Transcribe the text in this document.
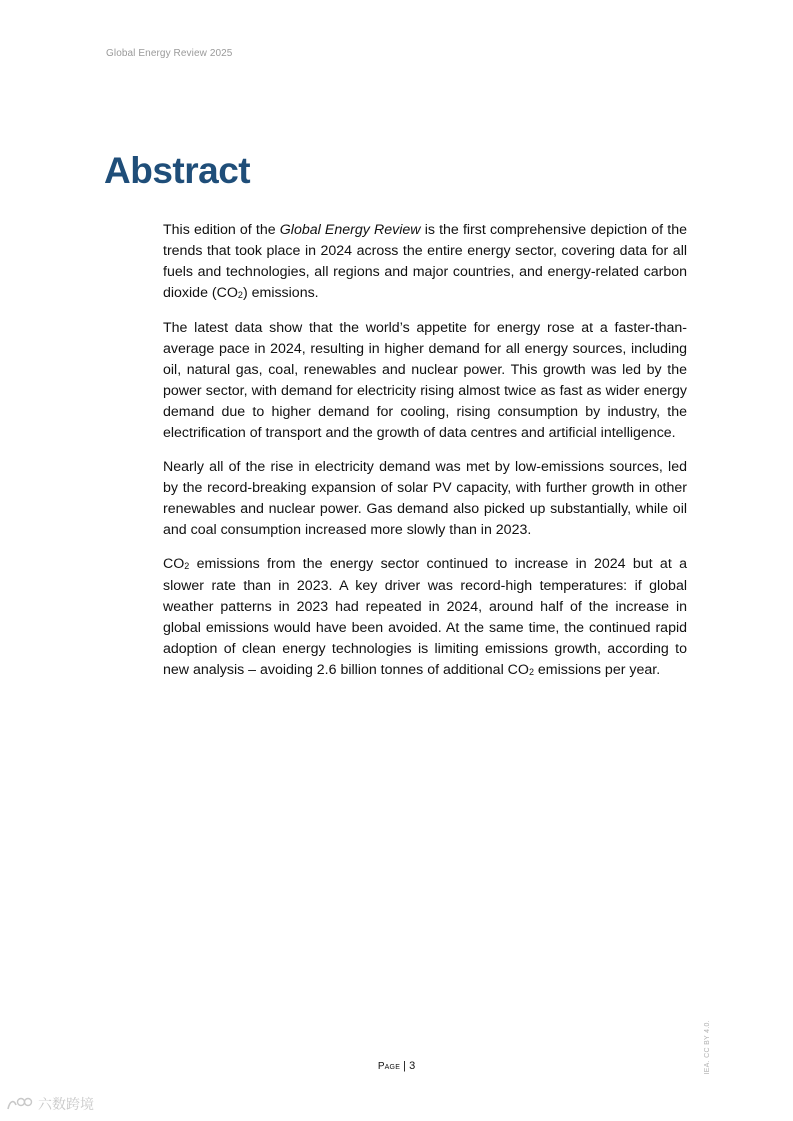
Global Energy Review 2025
Abstract

This edition of the Global Energy Review is the first comprehensive depiction of the trends that took place in 2024 across the entire energy sector, covering data for all fuels and technologies, all regions and major countries, and energy-related carbon dioxide $(CO_2)$ emissions.

The latest data show that the world’s appetite for energy rose at a faster-than-average pace in 2024, resulting in higher demand for all energy sources, including oil, natural gas, coal, renewables and nuclear power. This growth was led by the power sector, with demand for electricity rising almost twice as fast as wider energy demand due to higher demand for cooling, rising consumption by industry, the electrification of transport and the growth of data centres and artificial intelligence.

Nearly all of the rise in electricity demand was met by low-emissions sources, led by the record-breaking expansion of solar PV capacity, with further growth in other renewables and nuclear power. Gas demand also picked up substantially, while oil and coal consumption increased more slowly than in 2023.

$CO_2$ emissions from the energy sector continued to increase in 2024 but at a slower rate than in 2023. A key driver was record-high temperatures: if global weather patterns in 2023 had repeated in 2024, around half of the increase in global emissions would have been avoided. At the same time, the continued rapid adoption of clean energy technologies is limiting emissions growth, according to new analysis – avoiding 2.6 billion tonnes of additional $CO_2$ emissions per year.

IEA. CC BY 4.0.
Page | 3
六数跨境
